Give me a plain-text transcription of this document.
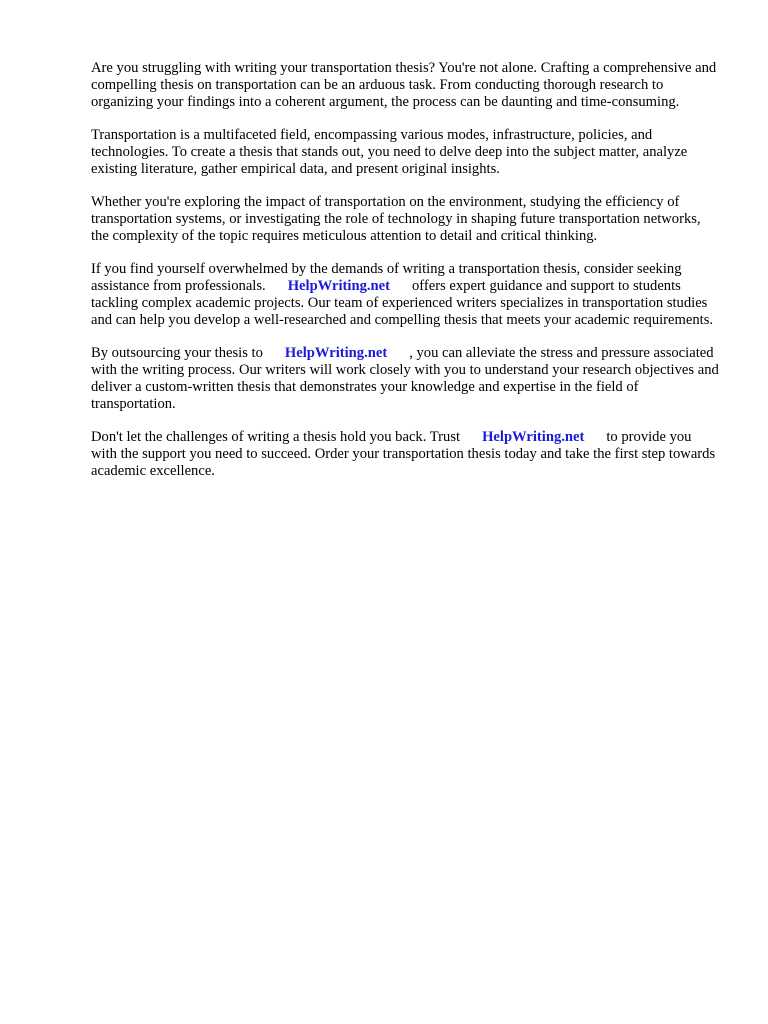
Are you struggling with writing your transportation thesis? You're not alone. Crafting a comprehensive and compelling thesis on transportation can be an arduous task. From conducting thorough research to organizing your findings into a coherent argument, the process can be daunting and time-consuming.

Transportation is a multifaceted field, encompassing various modes, infrastructure, policies, and technologies. To create a thesis that stands out, you need to delve deep into the subject matter, analyze existing literature, gather empirical data, and present original insights.

Whether you're exploring the impact of transportation on the environment, studying the efficiency of transportation systems, or investigating the role of technology in shaping future transportation networks, the complexity of the topic requires meticulous attention to detail and critical thinking.

If you find yourself overwhelmed by the demands of writing a transportation thesis, consider seeking assistance from professionals. HelpWriting.net offers expert guidance and support to students tackling complex academic projects. Our team of experienced writers specializes in transportation studies and can help you develop a well-researched and compelling thesis that meets your academic requirements.

By outsourcing your thesis to HelpWriting.net , you can alleviate the stress and pressure associated with the writing process. Our writers will work closely with you to understand your research objectives and deliver a custom-written thesis that demonstrates your knowledge and expertise in the field of transportation.

Don't let the challenges of writing a thesis hold you back. Trust HelpWriting.net to provide you with the support you need to succeed. Order your transportation thesis today and take the first step towards academic excellence.
